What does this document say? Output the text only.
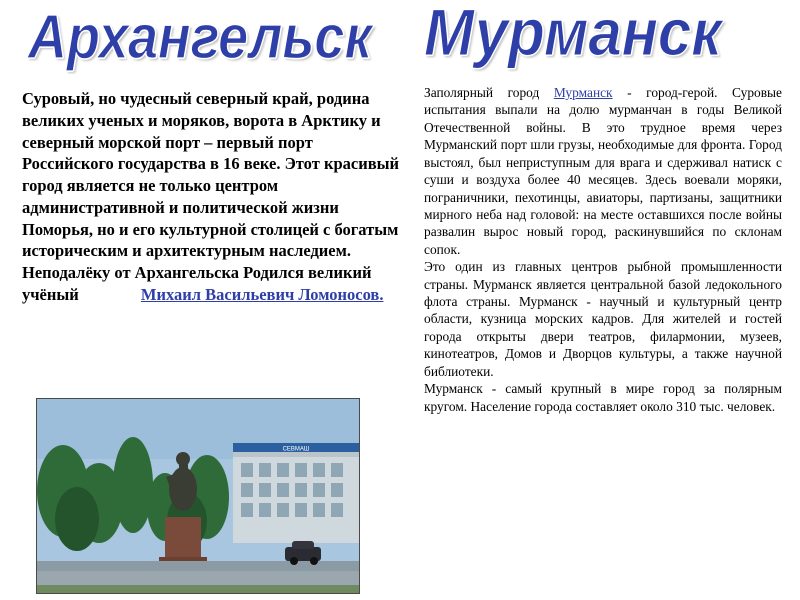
Архангельск Мурманск
Суровый, но чудесный северный край, родина великих ученых и моряков, ворота в Арктику и северный морской порт – первый порт Российского государства в 16 веке. Этот красивый город является не только центром административной и политической жизни Поморья, но и его культурной столицей с богатым историческим и архитектурным наследием. Неподалёку от Архангельска Родился великий учёный	Михаил Васильевич Ломоносов.
СЕВМАШ

Заполярный город Мурманск - город-герой. Суровые испытания выпали на долю мурманчан в годы Великой Отечественной войны. В это трудное время через Мурманский порт шли грузы, необходимые для фронта. Город выстоял, был неприступным для врага и сдерживал натиск с суши и воздуха более 40 месяцев. Здесь воевали моряки, пограничники, пехотинцы, авиаторы, партизаны, защитники мирного неба над головой: на месте оставшихся после войны развалин вырос новый город, раскинувшийся по склонам сопок.

Это один из главных центров рыбной промышленности страны. Мурманск является центральной базой ледокольного флота страны. Мурманск - научный и культурный центр области, кузница морских кадров. Для жителей и гостей города открыты двери театров, филармонии, музеев, кинотеатров, Домов и Дворцов культуры, а также научной библиотеки.

Мурманск - самый крупный в мире город за полярным кругом. Население города составляет около 310 тыс. человек.
